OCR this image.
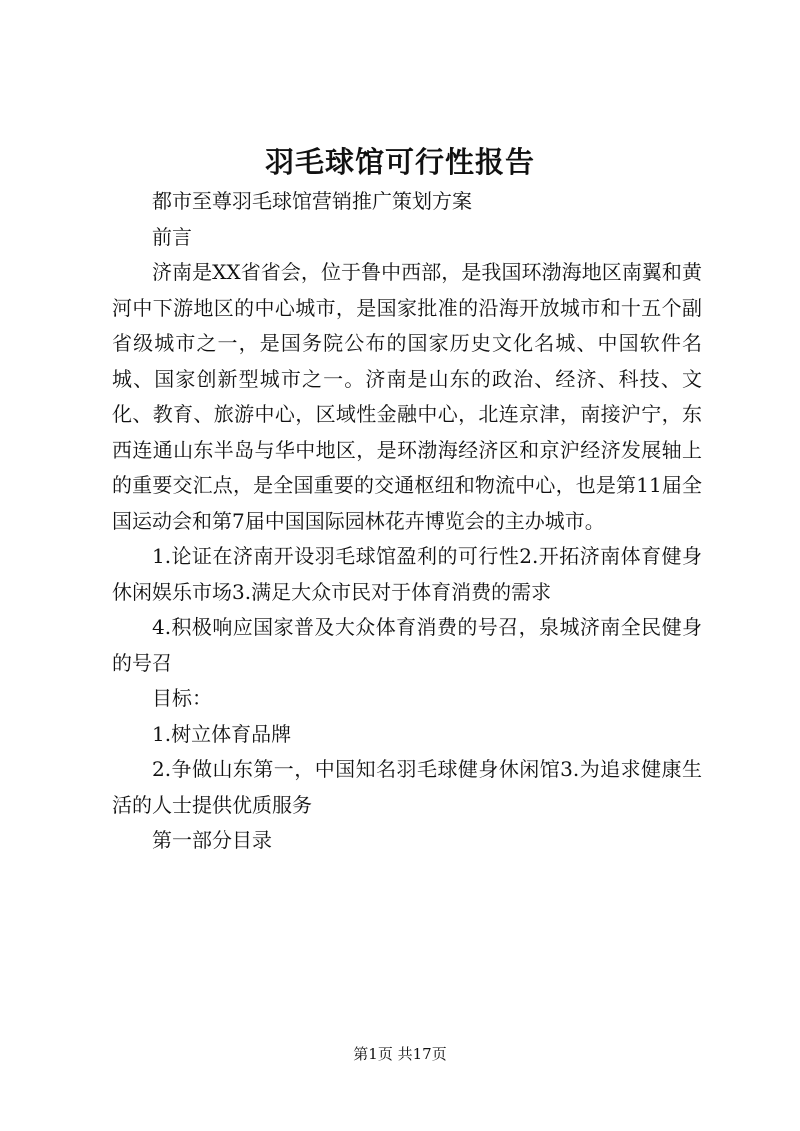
羽毛球馆可行性报告

都市至尊羽毛球馆营销推广策划方案

前言

济南是XX省省会，位于鲁中西部，是我国环渤海地区南翼和黄河中下游地区的中心城市，是国家批准的沿海开放城市和十五个副省级城市之一，是国务院公布的国家历史文化名城、中国软件名城、国家创新型城市之一。济南是山东的政治、经济、科技、文化、教育、旅游中心，区域性金融中心，北连京津，南接沪宁，东西连通山东半岛与华中地区，是环渤海经济区和京沪经济发展轴上的重要交汇点，是全国重要的交通枢纽和物流中心，也是第11届全国运动会和第7届中国国际园林花卉博览会的主办城市。

1.论证在济南开设羽毛球馆盈利的可行性2.开拓济南体育健身休闲娱乐市场3.满足大众市民对于体育消费的需求

4.积极响应国家普及大众体育消费的号召，泉城济南全民健身的号召

目标：

1.树立体育品牌

2.争做山东第一，中国知名羽毛球健身休闲馆3.为追求健康生活的人士提供优质服务

第一部分目录

第1页 共17页
